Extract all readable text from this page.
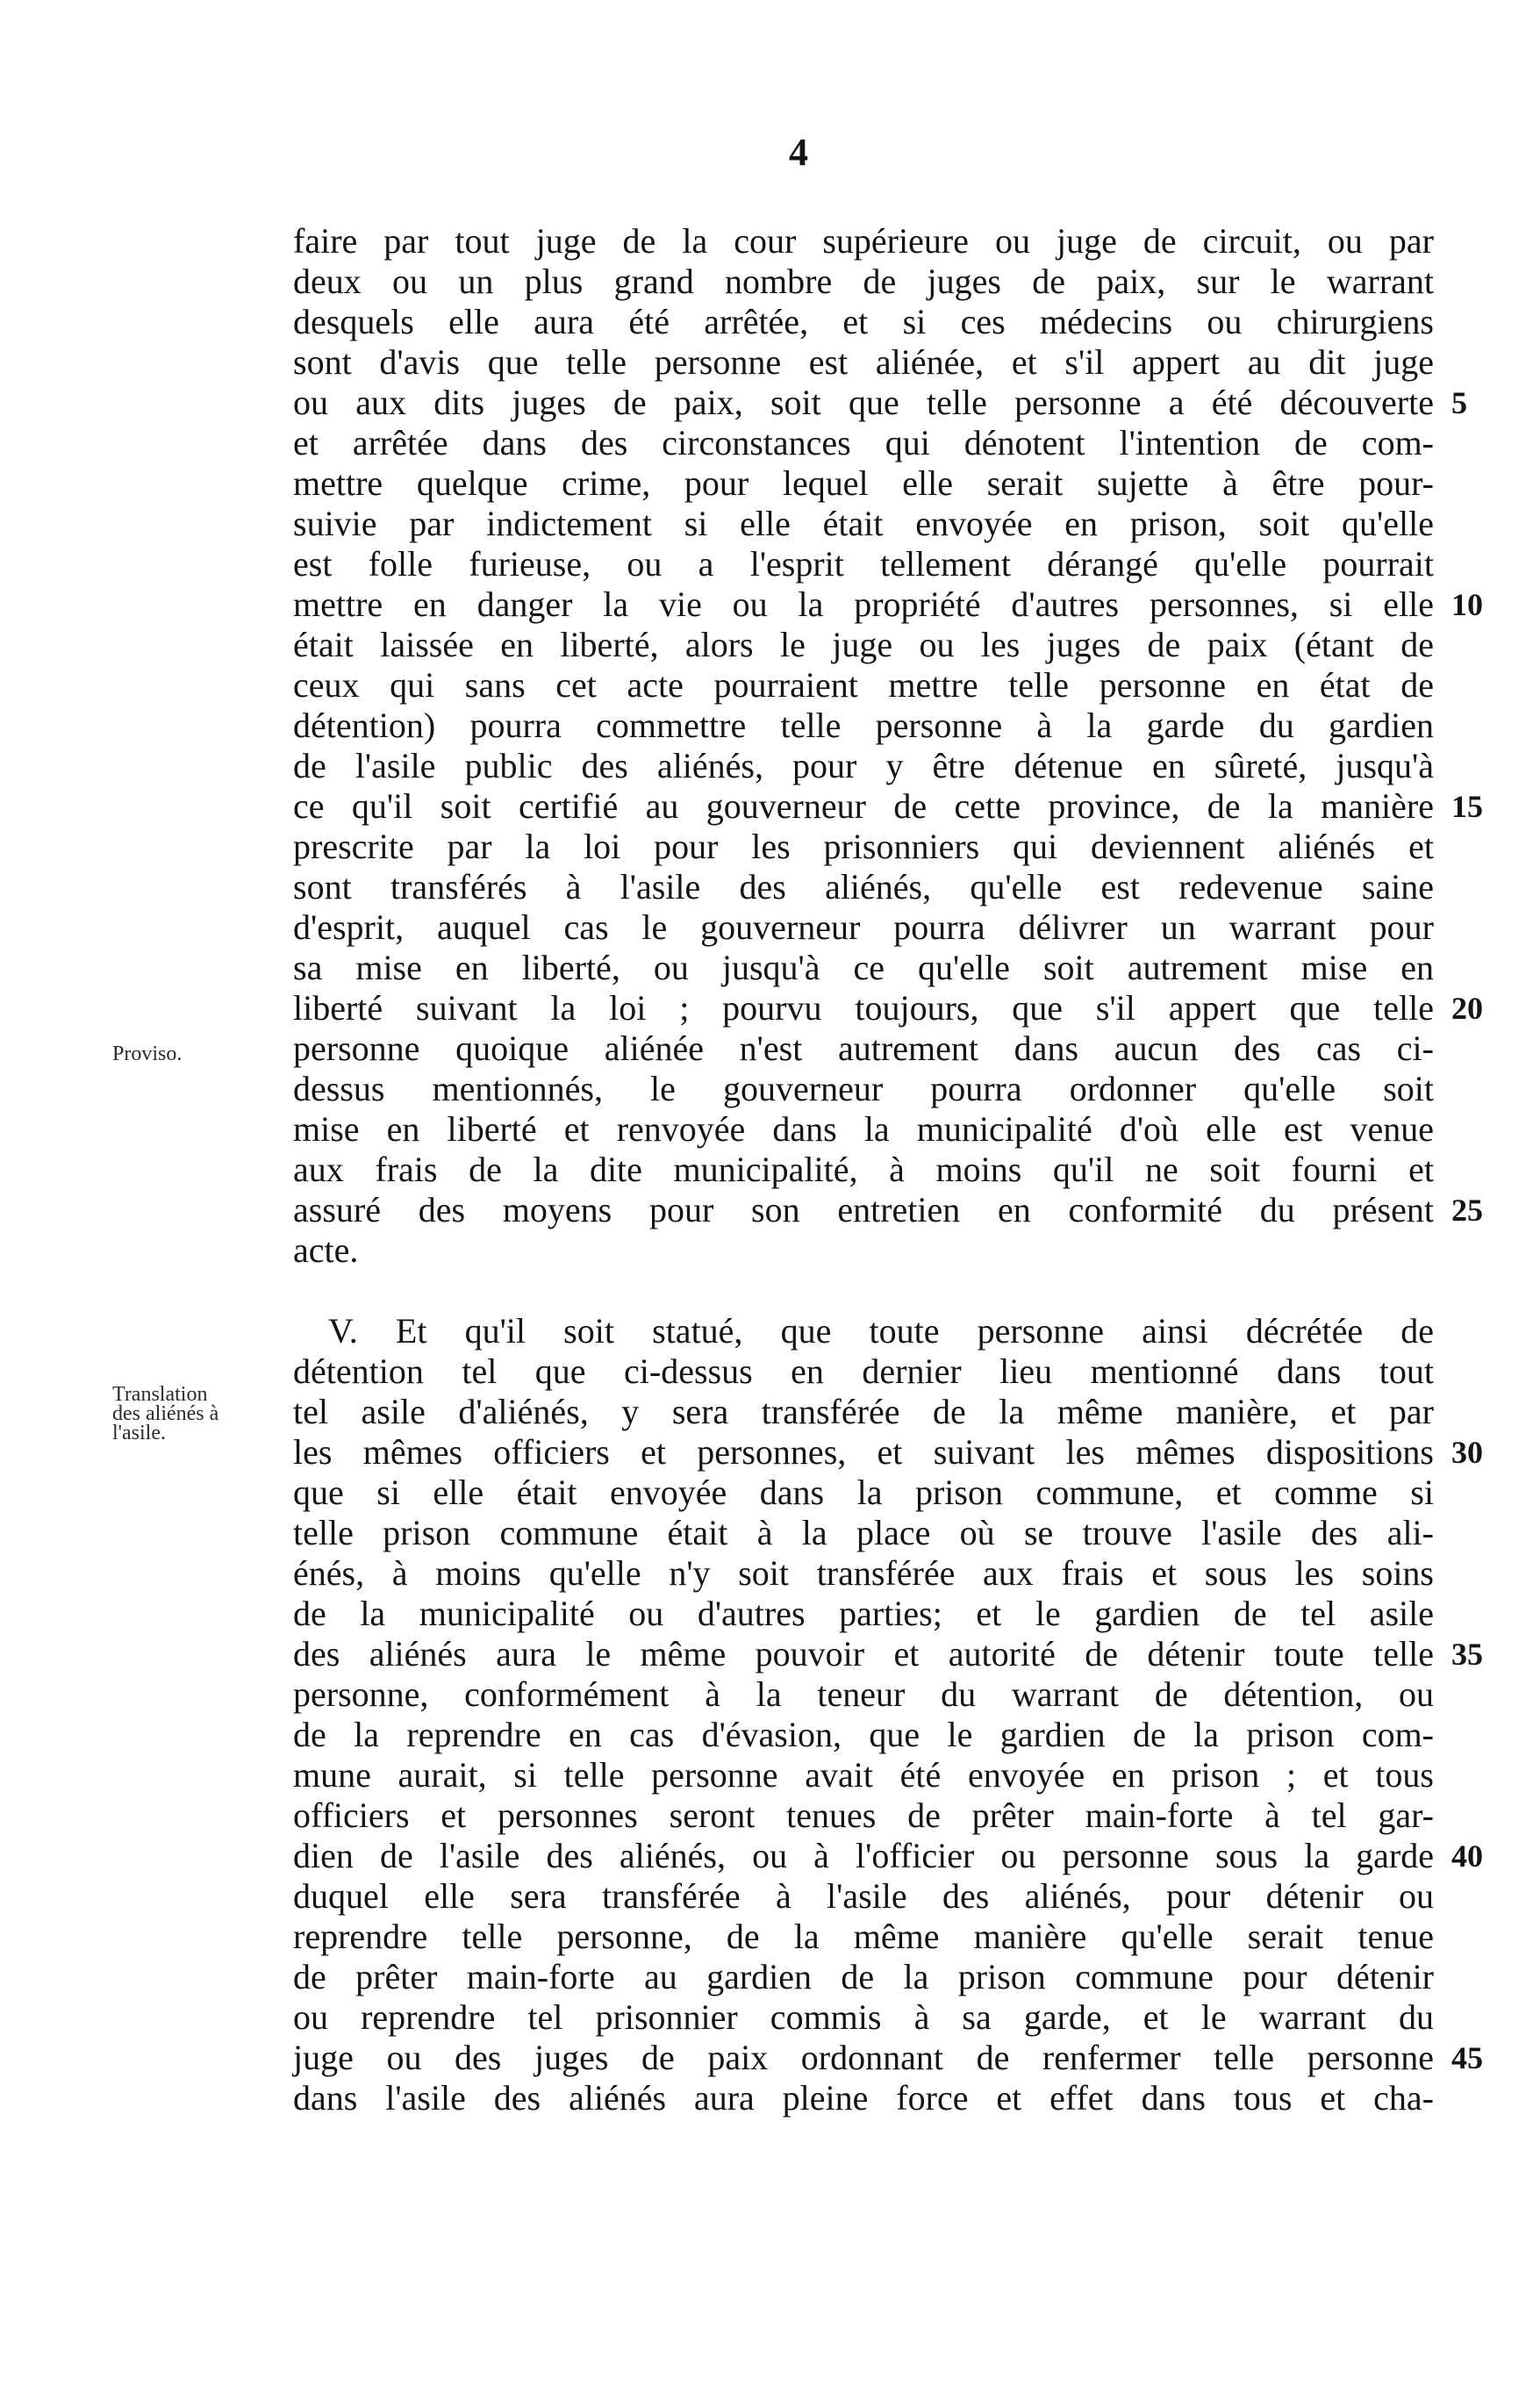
4
Proviso.
Translation
des aliénés à
l'asile.
faire par tout juge de la cour supérieure ou juge de circuit, ou par
deux ou un plus grand nombre de juges de paix, sur le warrant
desquels elle aura été arrêtée, et si ces médecins ou chirurgiens
sont d'avis que telle personne est aliénée, et s'il appert au dit juge
ou aux dits juges de paix, soit que telle personne a été découverte 5
et arrêtée dans des circonstances qui dénotent l'intention de com-
mettre quelque crime, pour lequel elle serait sujette à être pour-
suivie par indictement si elle était envoyée en prison, soit qu'elle
est folle furieuse, ou a l'esprit tellement dérangé qu'elle pourrait
mettre en danger la vie ou la propriété d'autres personnes, si elle 10
était laissée en liberté, alors le juge ou les juges de paix (étant de
ceux qui sans cet acte pourraient mettre telle personne en état de
détention) pourra commettre telle personne à la garde du gardien
de l'asile public des aliénés, pour y être détenue en sûreté, jusqu'à
ce qu'il soit certifié au gouverneur de cette province, de la manière 15
prescrite par la loi pour les prisonniers qui deviennent aliénés et
sont transférés à l'asile des aliénés, qu'elle est redevenue saine
d'esprit, auquel cas le gouverneur pourra délivrer un warrant pour
sa mise en liberté, ou jusqu'à ce qu'elle soit autrement mise en
liberté suivant la loi ; pourvu toujours, que s'il appert que telle 20
personne quoique aliénée n'est autrement dans aucun des cas ci-
dessus mentionnés, le gouverneur pourra ordonner qu'elle soit
mise en liberté et renvoyée dans la municipalité d'où elle est venue
aux frais de la dite municipalité, à moins qu'il ne soit fourni et
assuré des moyens pour son entretien en conformité du présent 25
acte.
 V. Et qu'il soit statué, que toute personne ainsi décrétée de
détention tel que ci-dessus en dernier lieu mentionné dans tout
tel asile d'aliénés, y sera transférée de la même manière, et par
les mêmes officiers et personnes, et suivant les mêmes dispositions 30
que si elle était envoyée dans la prison commune, et comme si
telle prison commune était à la place où se trouve l'asile des ali-
énés, à moins qu'elle n'y soit transférée aux frais et sous les soins
de la municipalité ou d'autres parties; et le gardien de tel asile
des aliénés aura le même pouvoir et autorité de détenir toute telle 35
personne, conformément à la teneur du warrant de détention, ou
de la reprendre en cas d'évasion, que le gardien de la prison com-
mune aurait, si telle personne avait été envoyée en prison ; et tous
officiers et personnes seront tenues de prêter main-forte à tel gar-
dien de l'asile des aliénés, ou à l'officier ou personne sous la garde 40
duquel elle sera transférée à l'asile des aliénés, pour détenir ou
reprendre telle personne, de la même manière qu'elle serait tenue
de prêter main-forte au gardien de la prison commune pour détenir
ou reprendre tel prisonnier commis à sa garde, et le warrant du
juge ou des juges de paix ordonnant de renfermer telle personne 45
dans l'asile des aliénés aura pleine force et effet dans tous et cha-
